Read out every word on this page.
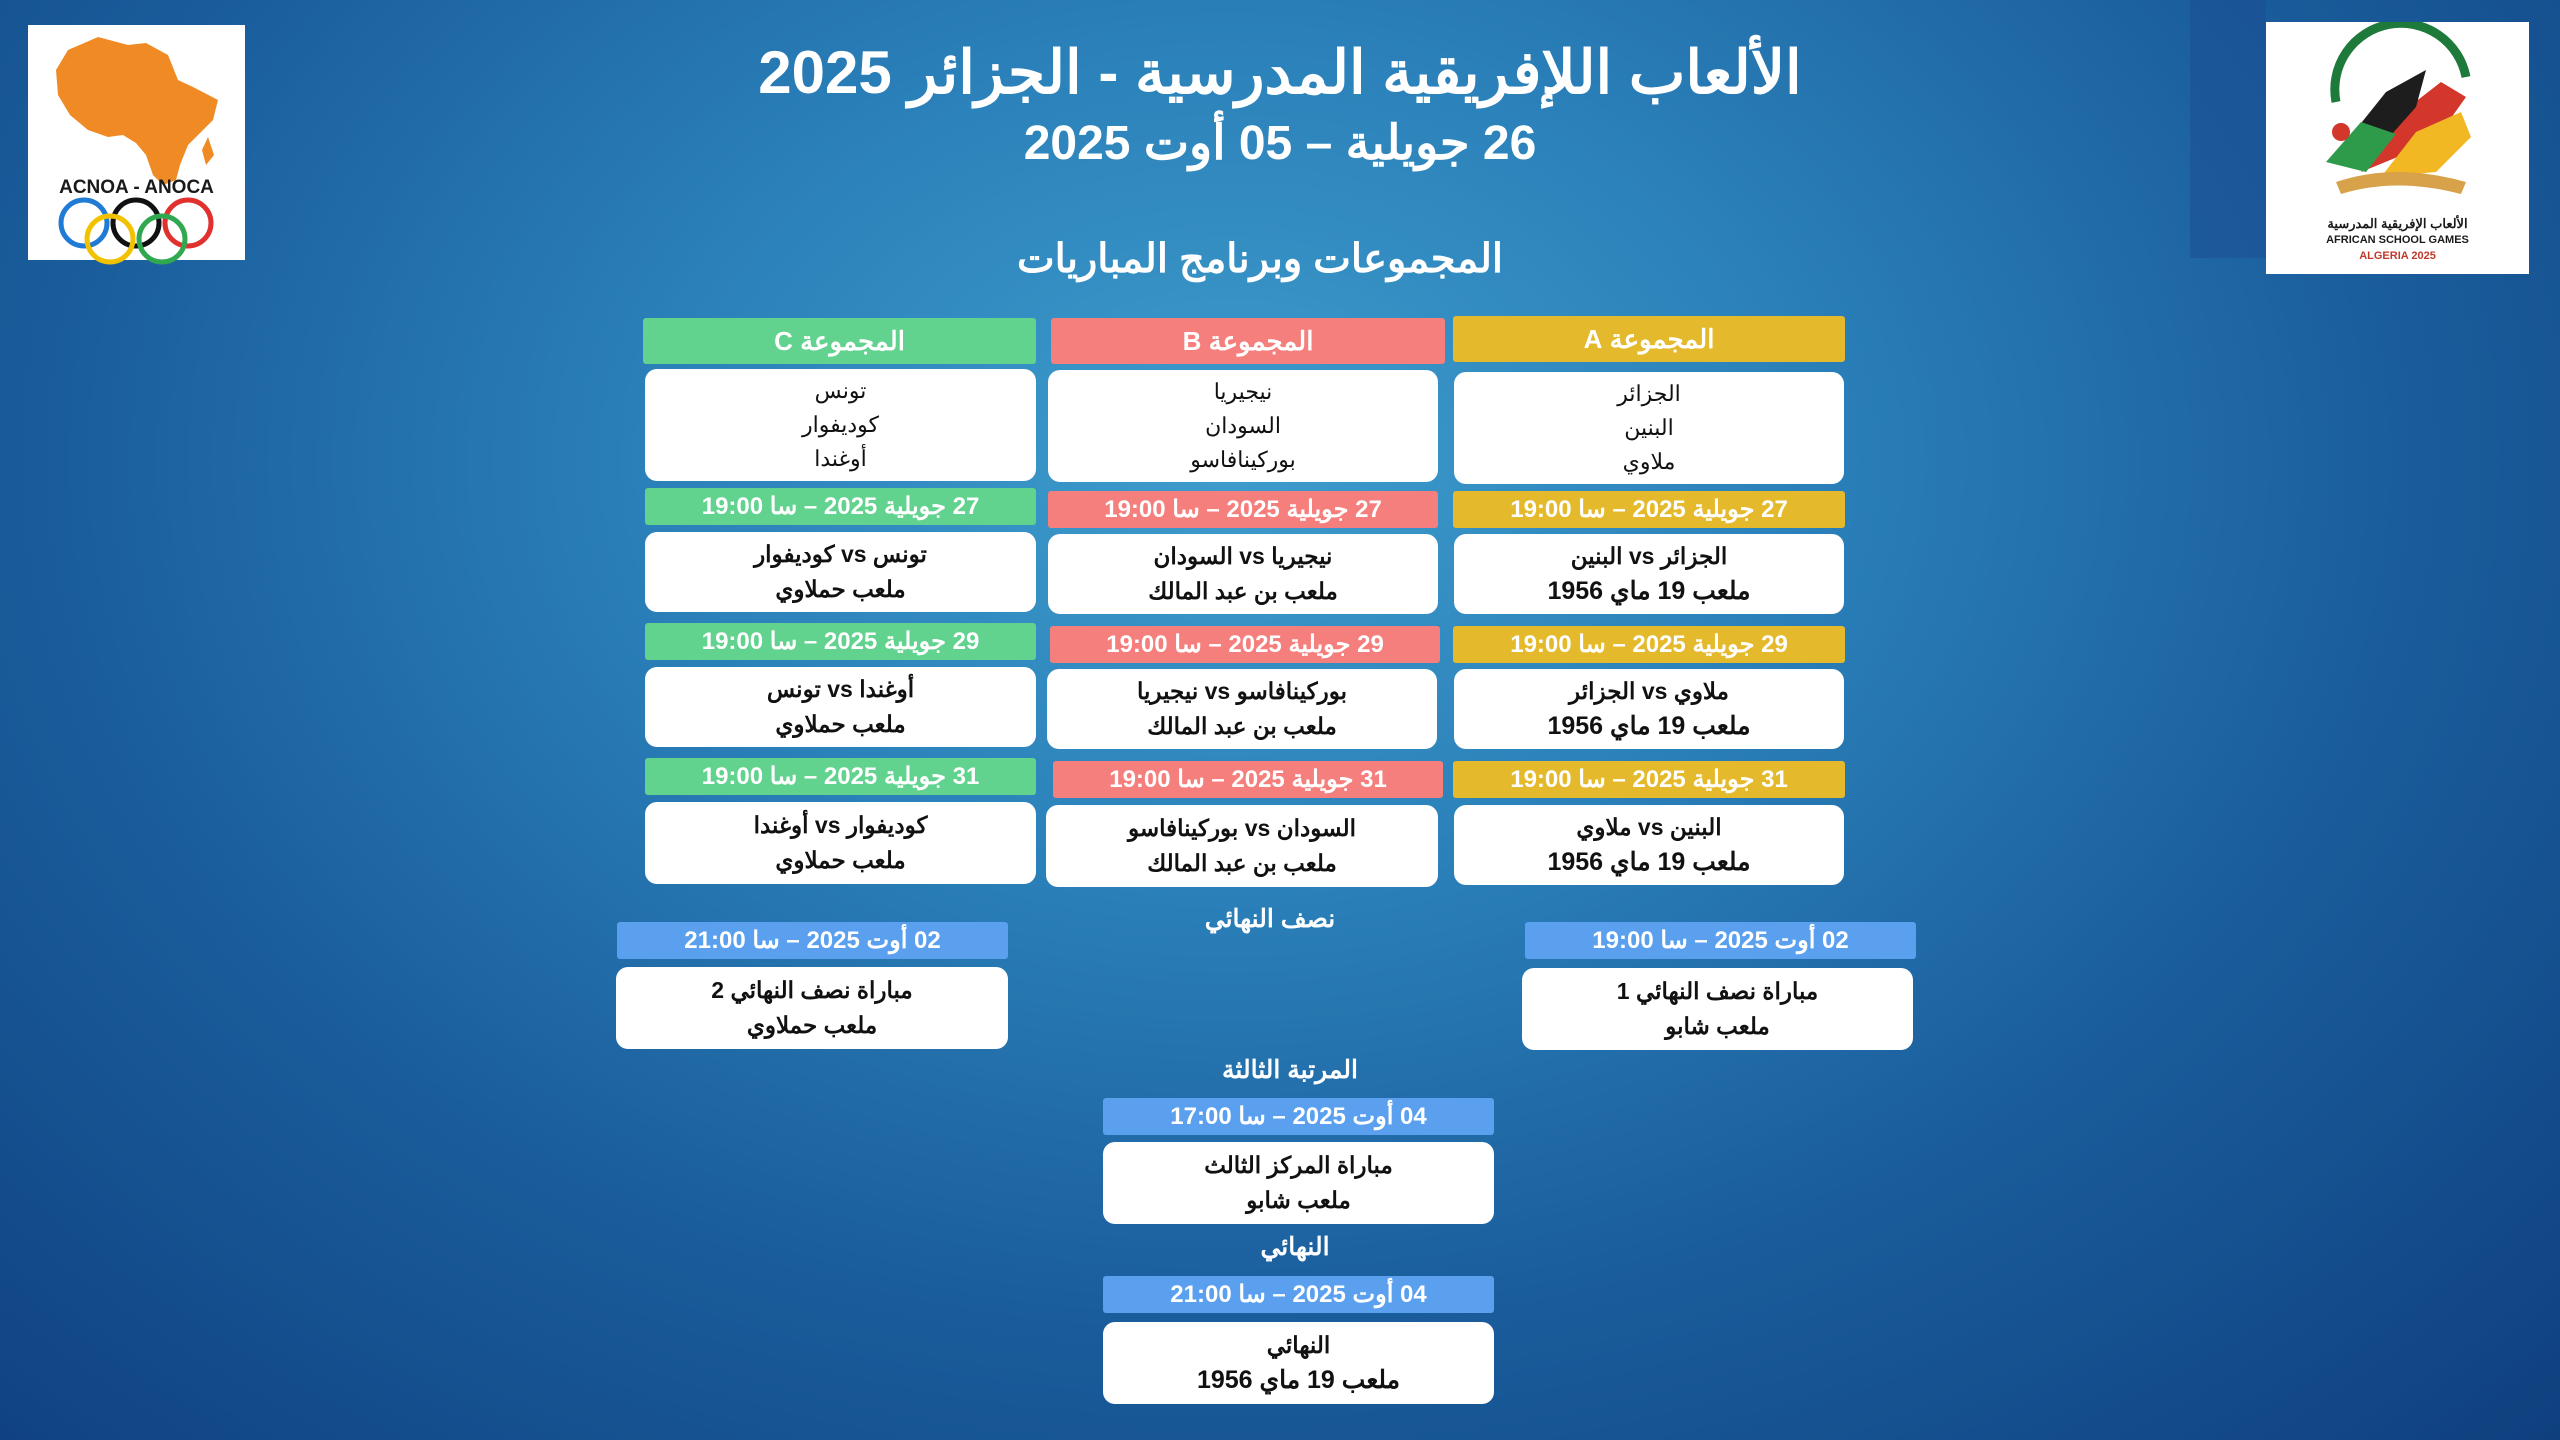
ACNOA - ANOCA
الألعاب الإفريقية المدرسية
AFRICAN SCHOOL GAMES
ALGERIA 2025
الألعاب اللإفريقية المدرسية - الجزائر 2025
26 جويلية – 05 أوت 2025
المجموعات وبرنامج المباريات
المجموعة A
الجزائر
البنين
ملاوي
27 جويلية 2025 – سا 19:00
الجزائر vs البنين
ملعب 19 ماي 1956
29 جويلية 2025 – سا 19:00
ملاوي vs الجزائر
ملعب 19 ماي 1956
31 جويلية 2025 – سا 19:00
البنين vs ملاوي
ملعب 19 ماي 1956
المجموعة B
نيجيريا
السودان
بوركينافاسو
27 جويلية 2025 – سا 19:00
نيجيريا vs السودان
ملعب بن عبد المالك
29 جويلية 2025 – سا 19:00
بوركينافاسو vs نيجيريا
ملعب بن عبد المالك
31 جويلية 2025 – سا 19:00
السودان vs بوركينافاسو
ملعب بن عبد المالك
المجموعة C
تونس
كوديفوار
أوغندا
27 جويلية 2025 – سا 19:00
تونس vs كوديفوار
ملعب حملاوي
29 جويلية 2025 – سا 19:00
أوغندا vs تونس
ملعب حملاوي
31 جويلية 2025 – سا 19:00
كوديفوار vs أوغندا
ملعب حملاوي
نصف النهائي
02 أوت 2025 – سا 19:00
مباراة نصف النهائي 1
ملعب شابو
02 أوت 2025 – سا 21:00
مباراة نصف النهائي 2
ملعب حملاوي
المرتبة الثالثة
04 أوت 2025 – سا 17:00
مباراة المركز الثالث
ملعب شابو
النهائي
04 أوت 2025 – سا 21:00
النهائي
ملعب 19 ماي 1956
